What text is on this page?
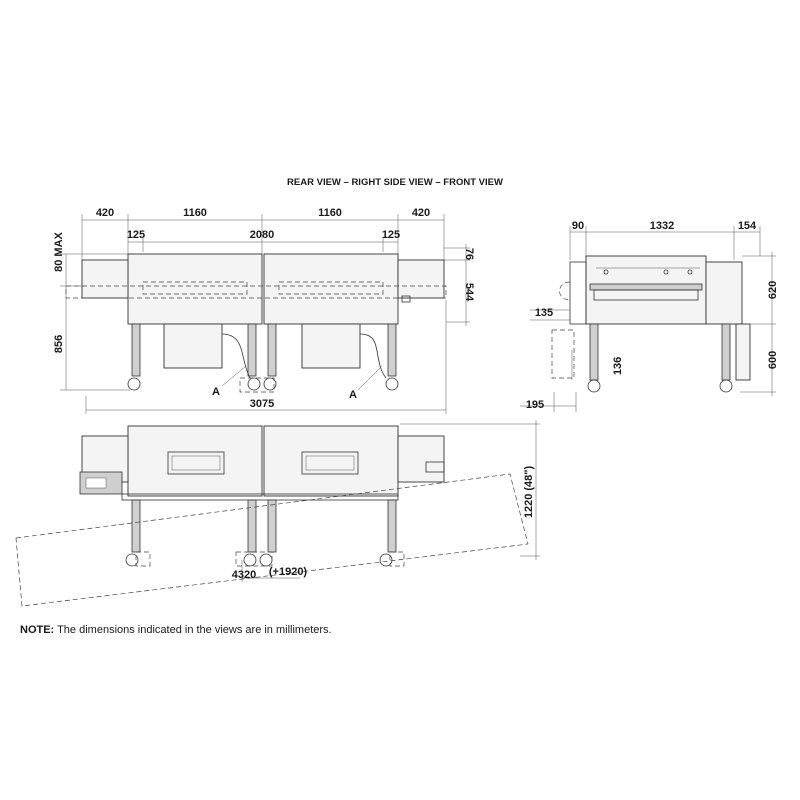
REAR VIEW – RIGHT SIDE VIEW – FRONT VIEW
420	1160	1160	420
125	2080	125
A	A
80 MAX
856
76
544
3075
90	1332	154
620
600
135
136
195
1220 (48")
4320 (+1920)
NOTE: The dimensions indicated in the views are in millimeters.
